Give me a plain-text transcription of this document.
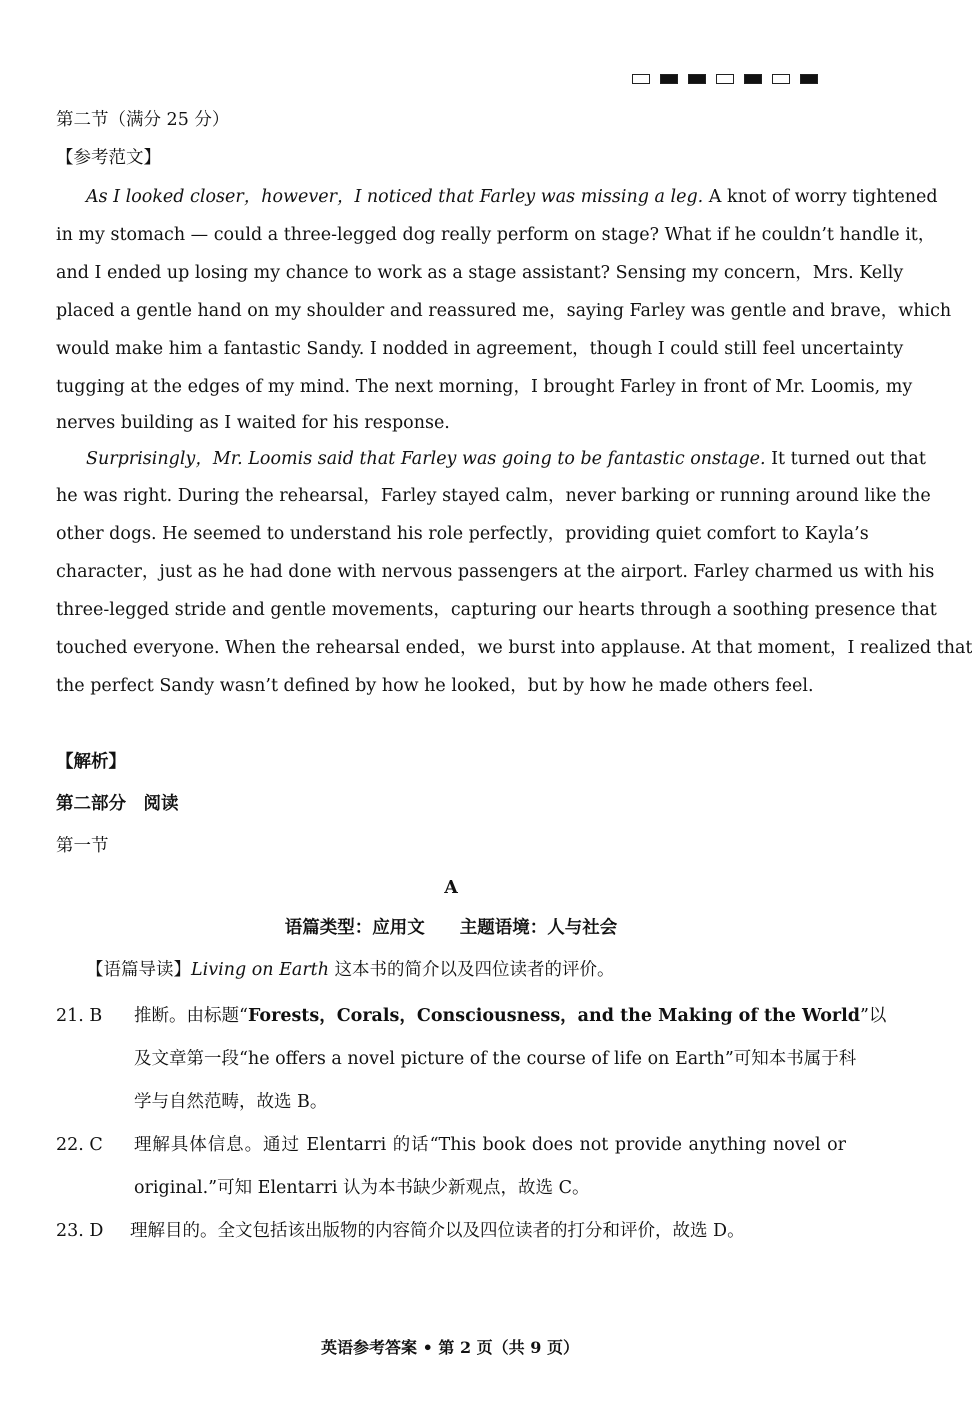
第二节（满分 25 分）
【参考范文】
As I looked closer，however，I noticed that Farley was missing a leg. A knot of worry tightened
in my stomach — could a three-legged dog really perform on stage? What if he couldn’t handle it，
and I ended up losing my chance to work as a stage assistant? Sensing my concern，Mrs. Kelly
placed a gentle hand on my shoulder and reassured me，saying Farley was gentle and brave，which
would make him a fantastic Sandy. I nodded in agreement，though I could still feel uncertainty
tugging at the edges of my mind. The next morning，I brought Farley in front of Mr. Loomis, my
nerves building as I waited for his response.
Surprisingly，Mr. Loomis said that Farley was going to be fantastic onstage. It turned out that
he was right. During the rehearsal，Farley stayed calm，never barking or running around like the
other dogs. He seemed to understand his role perfectly，providing quiet comfort to Kayla’s
character，just as he had done with nervous passengers at the airport. Farley charmed us with his
three-legged stride and gentle movements，capturing our hearts through a soothing presence that
touched everyone. When the rehearsal ended，we burst into applause. At that moment，I realized that
the perfect Sandy wasn’t defined by how he looked，but by how he made others feel.
【解析】
第二部分　阅读
第一节
A
语篇类型：应用文　　主题语境：人与社会
【语篇导读】Living on Earth 这本书的简介以及四位读者的评价。
21. B 推断。由标题“Forests，Corals，Consciousness，and the Making of the World”以
及文章第一段“he offers a novel picture of the course of life on Earth”可知本书属于科
学与自然范畴，故选 B。
22. C 理解具体信息。通过 Elentarri 的话“This book does not provide anything novel or
original.”可知 Elentarri 认为本书缺少新观点，故选 C。
23. D 理解目的。全文包括该出版物的内容简介以及四位读者的打分和评价，故选 D。
英语参考答案 • 第 2 页（共 9 页）
